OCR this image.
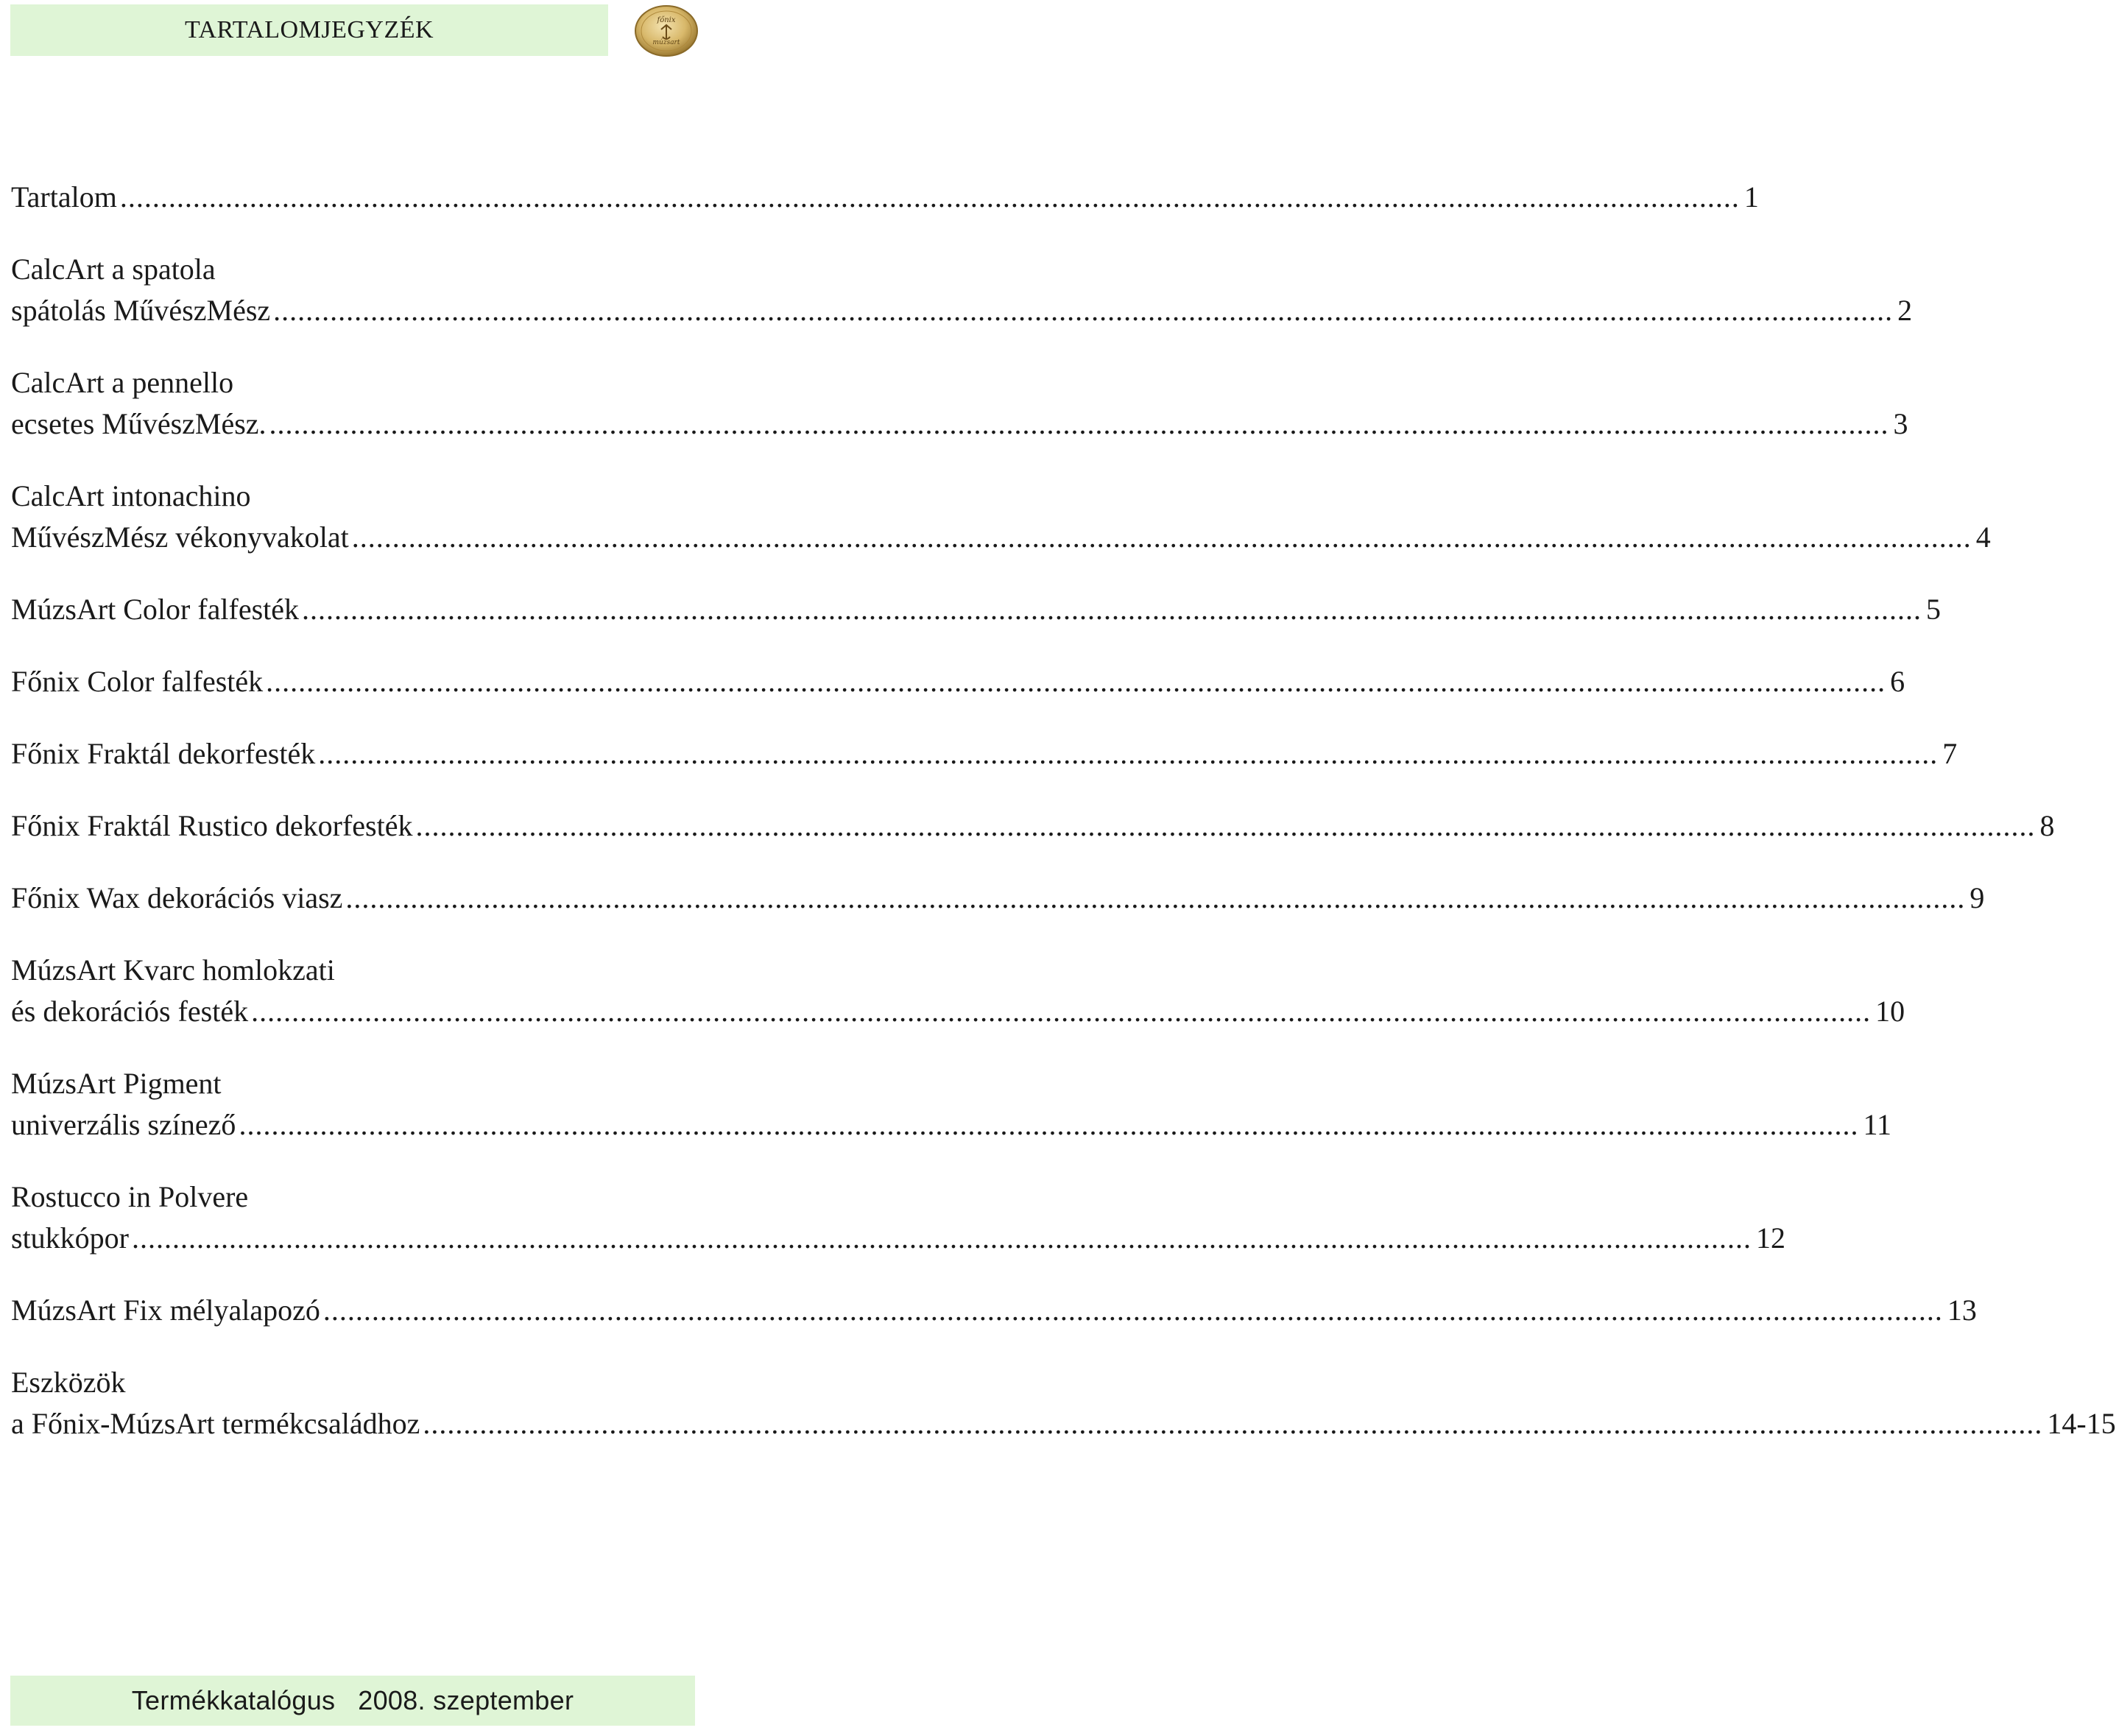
TARTALOMJEGYZÉK	főnix
múzsart
Tartalom ........................................................................................................................................................................................................ 1
CalcArt a spatola
spátolás MűvészMész ........................................................................................................................................................................................................ 2
CalcArt a pennello
ecsetes MűvészMész. ........................................................................................................................................................................................................ 3
CalcArt intonachino
MűvészMész vékonyvakolat ........................................................................................................................................................................................................ 4
MúzsArt Color falfesték ........................................................................................................................................................................................................ 5
Főnix Color falfesték ........................................................................................................................................................................................................ 6
Főnix Fraktál dekorfesték ........................................................................................................................................................................................................ 7
Főnix Fraktál Rustico dekorfesték ........................................................................................................................................................................................................ 8
Főnix Wax dekorációs viasz ........................................................................................................................................................................................................ 9
MúzsArt Kvarc homlokzati
és dekorációs festék ........................................................................................................................................................................................................ 10
MúzsArt Pigment
univerzális színező ........................................................................................................................................................................................................ 11
Rostucco in Polvere
stukkópor ........................................................................................................................................................................................................ 12
MúzsArt Fix mélyalapozó ........................................................................................................................................................................................................ 13
Eszközök
a Főnix-MúzsArt termékcsaládhoz ........................................................................................................................................................................................................ 14-15
Termékkatalógus   2008. szeptember
